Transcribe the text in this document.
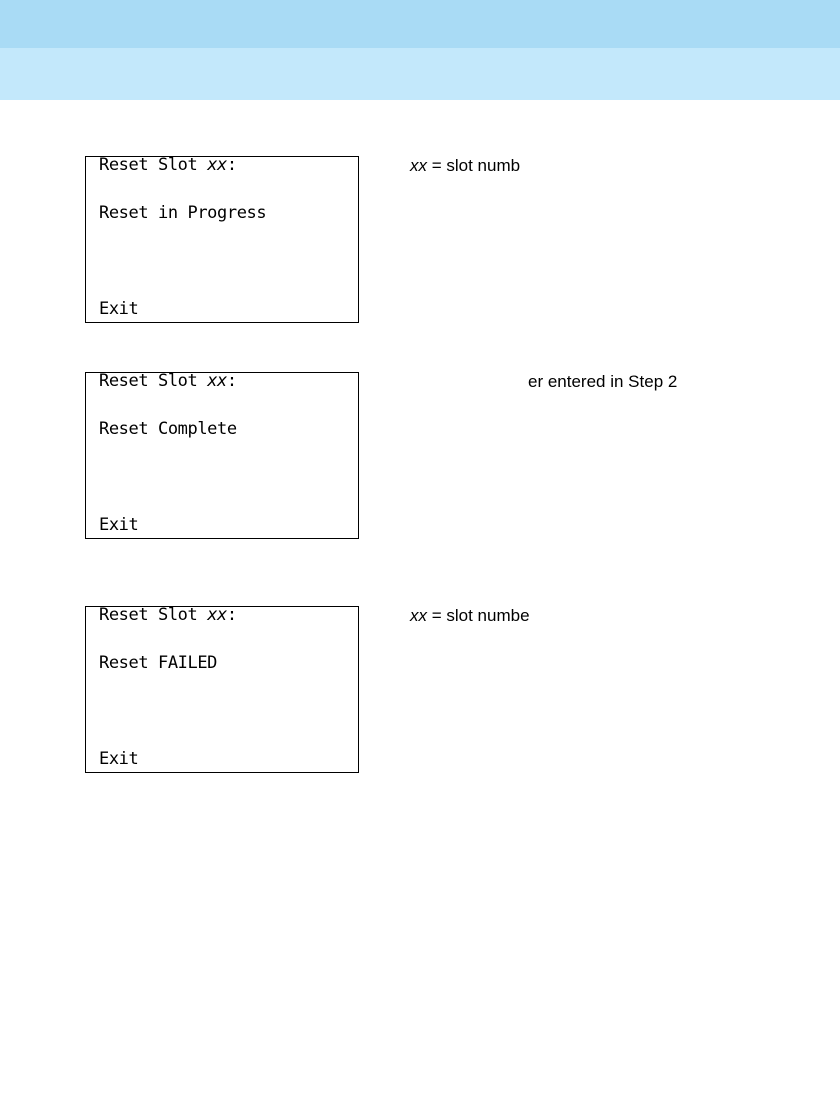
Reset Slot xx:
Reset in Progress
Exit
Reset Slot xx:
Reset Complete
Exit
Reset Slot xx:
Reset FAILED
Exit
xx = slot numb
er entered in Step 2
xx = slot numbe
